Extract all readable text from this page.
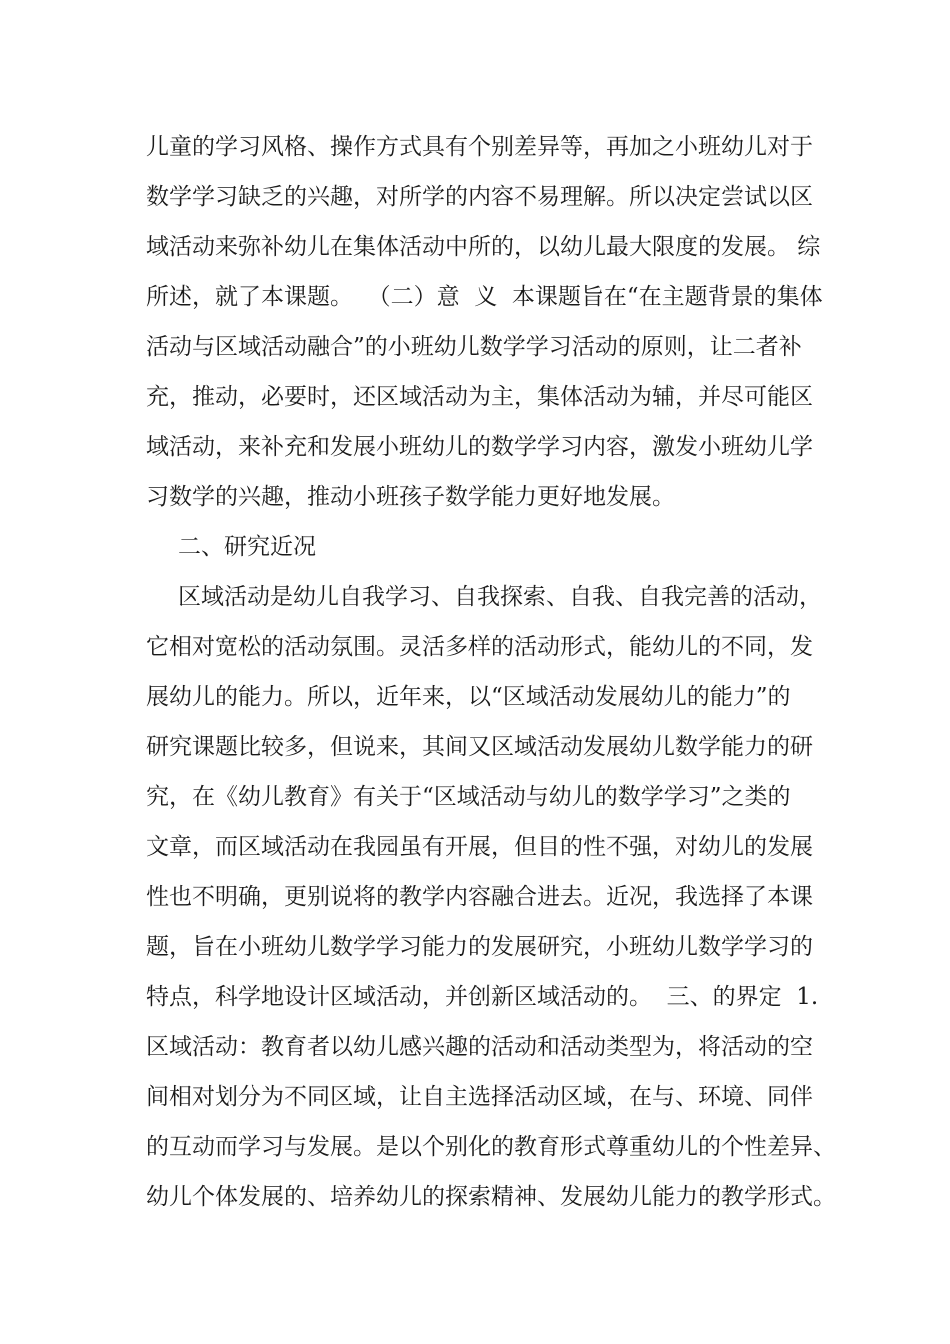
儿童的学习风格、操作方式具有个别差异等，再加之小班幼儿对于
数学学习缺乏的兴趣，对所学的内容不易理解。所以决定尝试以区
域活动来弥补幼儿在集体活动中所的，以幼儿最大限度的发展。 综
所述，就了本课题。  （二）意  义  本课题旨在“在主题背景的集体
活动与区域活动融合”的小班幼儿数学学习活动的原则，让二者补
充，推动，必要时，还区域活动为主，集体活动为辅，并尽可能区
域活动，来补充和发展小班幼儿的数学学习内容，激发小班幼儿学
习数学的兴趣，推动小班孩子数学能力更好地发展。
二、研究近况
区域活动是幼儿自我学习、自我探索、自我、自我完善的活动，
它相对宽松的活动氛围。灵活多样的活动形式，能幼儿的不同，发
展幼儿的能力。所以，近年来，以“区域活动发展幼儿的能力”的
研究课题比较多，但说来，其间又区域活动发展幼儿数学能力的研
究，在《幼儿教育》有关于“区域活动与幼儿的数学学习”之类的
文章，而区域活动在我园虽有开展，但目的性不强，对幼儿的发展
性也不明确，更别说将的教学内容融合进去。近况，我选择了本课
题，旨在小班幼儿数学学习能力的发展研究，小班幼儿数学学习的
特点，科学地设计区域活动，并创新区域活动的。  三、的界定  1.
区域活动：教育者以幼儿感兴趣的活动和活动类型为，将活动的空
间相对划分为不同区域，让自主选择活动区域，在与、环境、同伴
的互动而学习与发展。是以个别化的教育形式尊重幼儿的个性差异、
幼儿个体发展的、培养幼儿的探索精神、发展幼儿能力的教学形式。
